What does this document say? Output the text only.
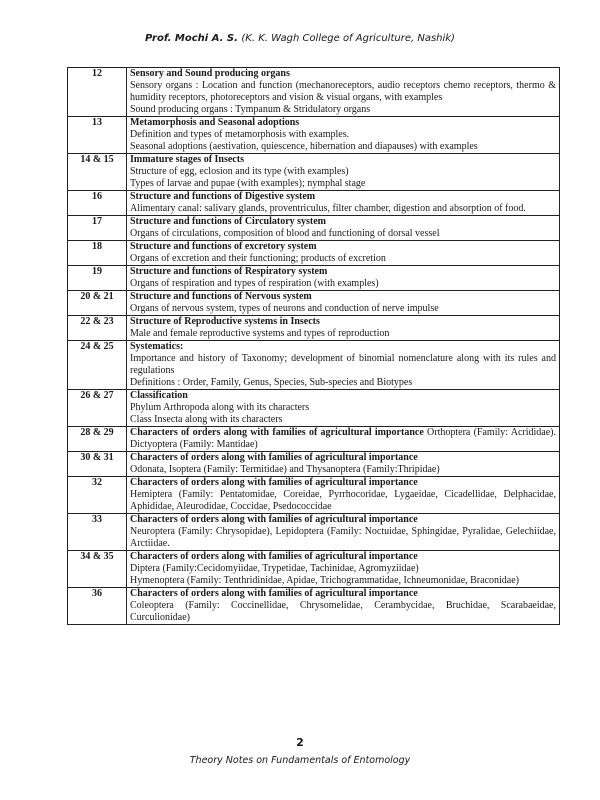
Prof. Mochi A. S. (K. K. Wagh College of Agriculture, Nashik)
12	Sensory and Sound producing organs
Sensory organs : Location and function (mechanoreceptors, audio receptors chemo receptors, thermo & humidity receptors, photoreceptors and vision & visual organs, with examples
Sound producing organs : Tympanum & Stridulatory organs

13	Metamorphosis and Seasonal adoptions
Definition and types of metamorphosis with examples.
Seasonal adoptions (aestivation, quiescence, hibernation and diapauses) with examples

14 & 15	Immature stages of Insects
Structure of egg, eclosion and its type (with examples)
Types of larvae and pupae (with examples); nymphal stage

16	Structure and functions of Digestive system
Alimentary canal: salivary glands, proventriculus, filter chamber, digestion and absorption of food.

17	Structure and functions of Circulatory system
Organs of circulations, composition of blood and functioning of dorsal vessel

18	Structure and functions of excretory system
Organs of excretion and their functioning; products of excretion

19	Structure and functions of Respiratory system
Organs of respiration and types of respiration (with examples)

20 & 21	Structure and functions of Nervous system
Organs of nervous system, types of neurons and conduction of nerve impulse

22 & 23	Structure of Reproductive systems in Insects
Male and female reproductive systems and types of reproduction

24 & 25	Systematics:
Importance and history of Taxonomy; development of binomial nomenclature along with its rules and regulations
Definitions : Order, Family, Genus, Species, Sub-species and Biotypes

26 & 27	Classification
Phylum Arthropoda along with its characters
Class Insecta along with its characters

28 & 29	Characters of orders along with families of agricultural importance Orthoptera (Family: Acrididae). Dictyoptera (Family: Mantidae)

30 & 31	Characters of orders along with families of agricultural importance
Odonata, Isoptera (Family: Termitidae) and Thysanoptera (Family:Thripidae)

32	Characters of orders along with families of agricultural importance
Hemiptera (Family: Pentatomidae, Coreidae, Pyrrhocoridae, Lygaeidae, Cicadellidae, Delphacidae, Aphididae, Aleurodidae, Coccidae, Psedococcidae

33	Characters of orders along with families of agricultural importance
Neuroptera (Family: Chrysopidae), Lepidoptera (Family: Noctuidae, Sphingidae, Pyralidae, Gelechiidae, Arctiidae.

34 & 35	Characters of orders along with families of agricultural importance
Diptera (Family:Cecidomyiidae, Trypetidae, Tachinidae, Agromyziidae)
Hymenoptera (Family: Tenthridinidae, Apidae, Trichogrammatidae, Ichneumonidae, Braconidae)

36	Characters of orders along with families of agricultural importance
Coleoptera (Family: Coccinellidae, Chrysomelidae, Cerambycidae, Bruchidae, Scarabaeidae, Curculionidae)
2
Theory Notes on Fundamentals of Entomology
